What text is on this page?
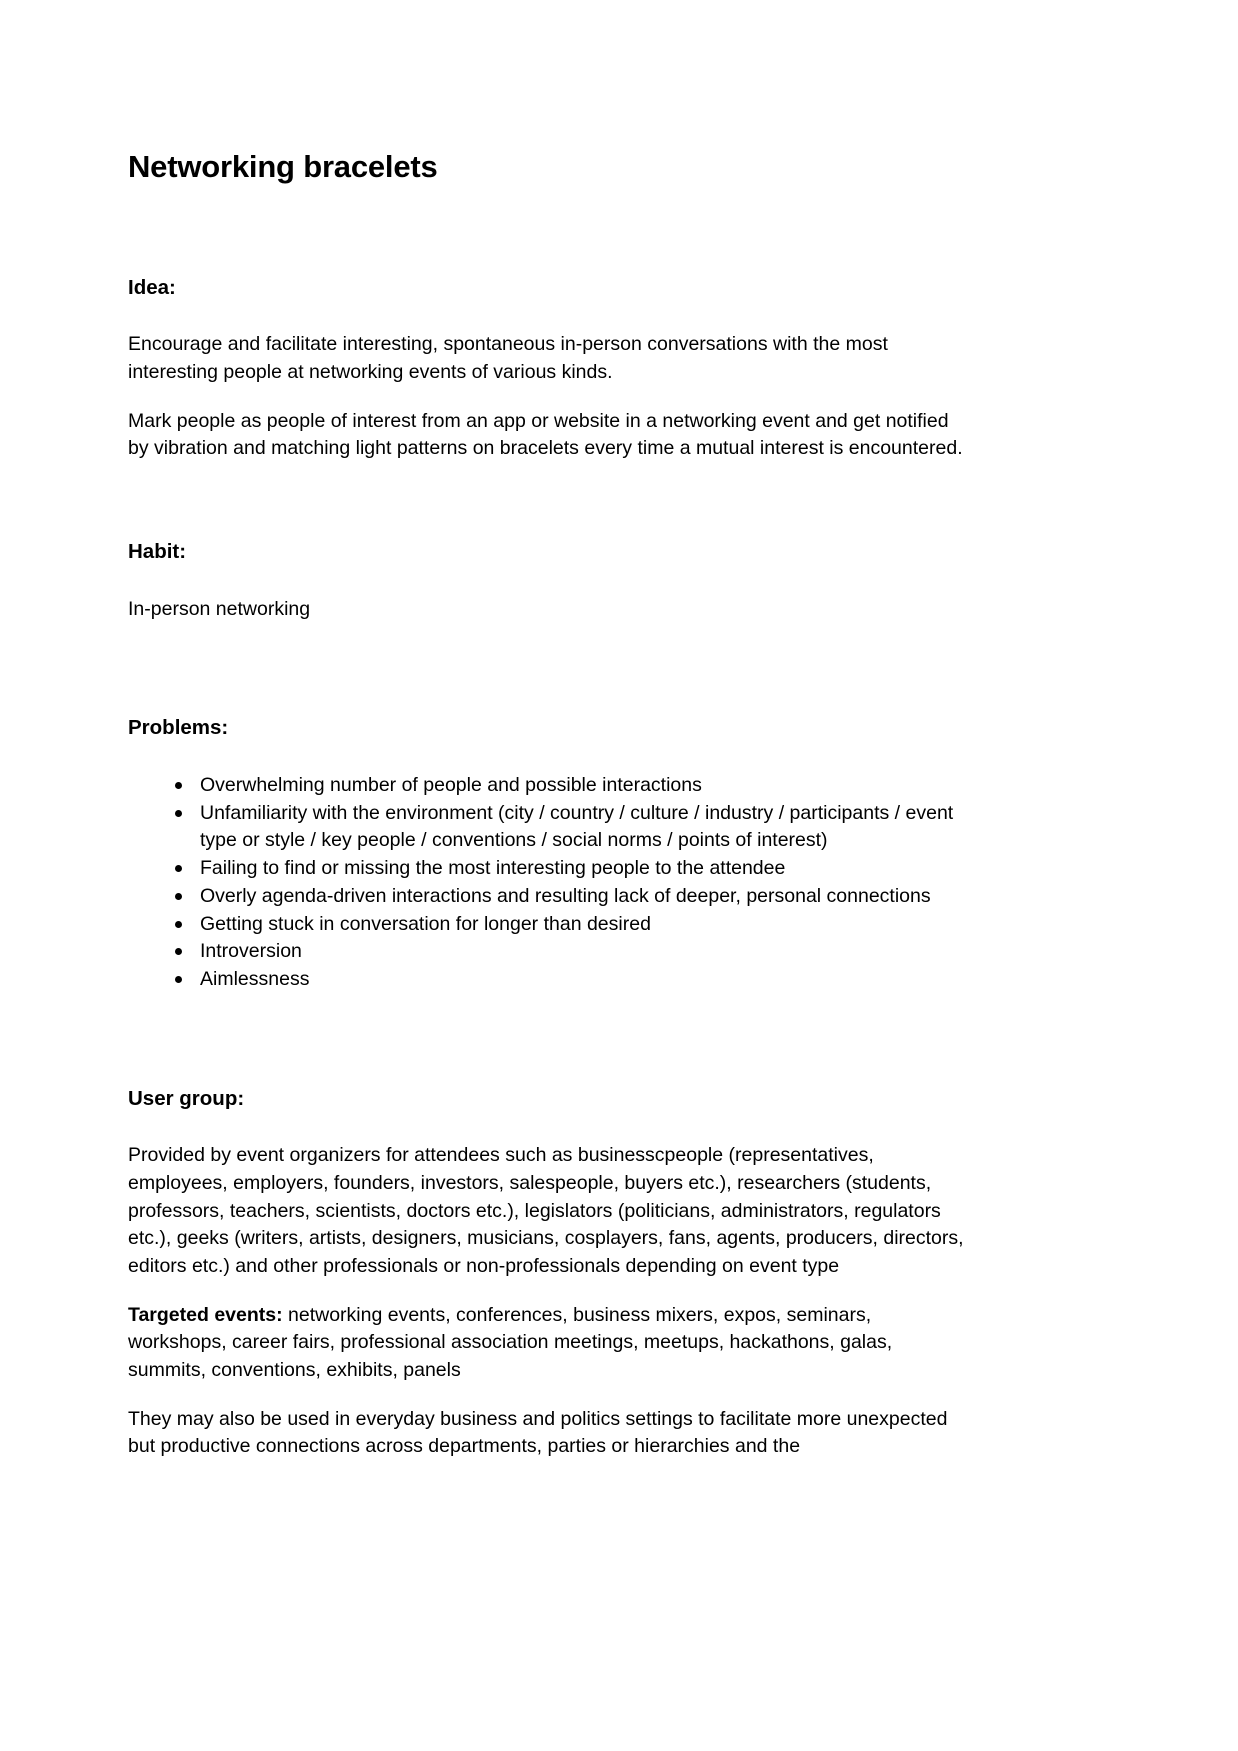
Networking bracelets
Idea:

Encourage and facilitate interesting, spontaneous in-person conversations with the most interesting people at networking events of various kinds.

Mark people as people of interest from an app or website in a networking event and get notified by vibration and matching light patterns on bracelets every time a mutual interest is encountered.

Habit:

In-person networking

Problems:
Overwhelming number of people and possible interactions
Unfamiliarity with the environment (city / country / culture / industry / participants / event type or style / key people / conventions / social norms / points of interest)
Failing to find or missing the most interesting people to the attendee
Overly agenda-driven interactions and resulting lack of deeper, personal connections
Getting stuck in conversation for longer than desired
Introversion
Aimlessness
User group:

Provided by event organizers for attendees such as businesscpeople (representatives, employees, employers, founders, investors, salespeople, buyers etc.), researchers (students, professors, teachers, scientists, doctors etc.), legislators (politicians, administrators, regulators etc.), geeks (writers, artists, designers, musicians, cosplayers, fans, agents, producers, directors, editors etc.) and other professionals or non-professionals depending on event type

Targeted events: networking events, conferences, business mixers, expos, seminars, workshops, career fairs, professional association meetings, meetups, hackathons, galas, summits, conventions, exhibits, panels

They may also be used in everyday business and politics settings to facilitate more unexpected but productive connections across departments, parties or hierarchies and the
